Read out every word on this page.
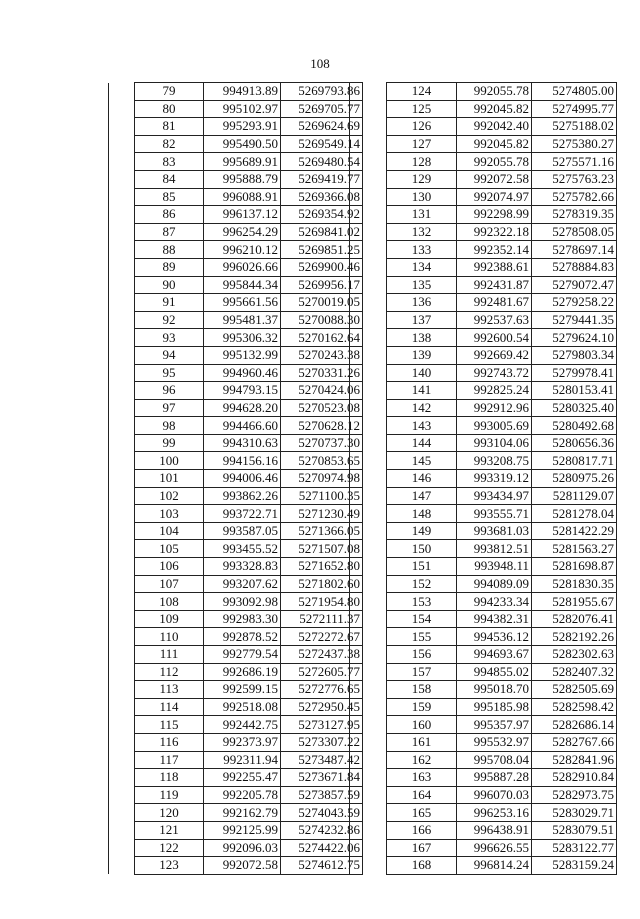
108
	79	994913.89	5269793.86
	80	995102.97	5269705.77
	81	995293.91	5269624.69
	82	995490.50	5269549.14
	83	995689.91	5269480.54
	84	995888.79	5269419.77
	85	996088.91	5269366.08
	86	996137.12	5269354.92
	87	996254.29	5269841.02
	88	996210.12	5269851.25
	89	996026.66	5269900.46
	90	995844.34	5269956.17
	91	995661.56	5270019.05
	92	995481.37	5270088.30
	93	995306.32	5270162.64
	94	995132.99	5270243.38
	95	994960.46	5270331.26
	96	994793.15	5270424.06
	97	994628.20	5270523.08
	98	994466.60	5270628.12
	99	994310.63	5270737.30
	100	994156.16	5270853.65
	101	994006.46	5270974.98
	102	993862.26	5271100.35
	103	993722.71	5271230.49
	104	993587.05	5271366.05
	105	993455.52	5271507.08
	106	993328.83	5271652.80
	107	993207.62	5271802.60
	108	993092.98	5271954.80
	109	992983.30	5272111.37
	110	992878.52	5272272.67
	111	992779.54	5272437.38
	112	992686.19	5272605.77
	113	992599.15	5272776.65
	114	992518.08	5272950.45
	115	992442.75	5273127.95
	116	992373.97	5273307.22
	117	992311.94	5273487.42
	118	992255.47	5273671.84
	119	992205.78	5273857.59
	120	992162.79	5274043.59
	121	992125.99	5274232.86
	122	992096.03	5274422.06
	123	992072.58	5274612.75
	124	992055.78	5274805.00
	125	992045.82	5274995.77
	126	992042.40	5275188.02
	127	992045.82	5275380.27
	128	992055.78	5275571.16
	129	992072.58	5275763.23
	130	992074.97	5275782.66
	131	992298.99	5278319.35
	132	992322.18	5278508.05
	133	992352.14	5278697.14
	134	992388.61	5278884.83
	135	992431.87	5279072.47
	136	992481.67	5279258.22
	137	992537.63	5279441.35
	138	992600.54	5279624.10
	139	992669.42	5279803.34
	140	992743.72	5279978.41
	141	992825.24	5280153.41
	142	992912.96	5280325.40
	143	993005.69	5280492.68
	144	993104.06	5280656.36
	145	993208.75	5280817.71
	146	993319.12	5280975.26
	147	993434.97	5281129.07
	148	993555.71	5281278.04
	149	993681.03	5281422.29
	150	993812.51	5281563.27
	151	993948.11	5281698.87
	152	994089.09	5281830.35
	153	994233.34	5281955.67
	154	994382.31	5282076.41
	155	994536.12	5282192.26
	156	994693.67	5282302.63
	157	994855.02	5282407.32
	158	995018.70	5282505.69
	159	995185.98	5282598.42
	160	995357.97	5282686.14
	161	995532.97	5282767.66
	162	995708.04	5282841.96
	163	995887.28	5282910.84
	164	996070.03	5282973.75
	165	996253.16	5283029.71
	166	996438.91	5283079.51
	167	996626.55	5283122.77
	168	996814.24	5283159.24
